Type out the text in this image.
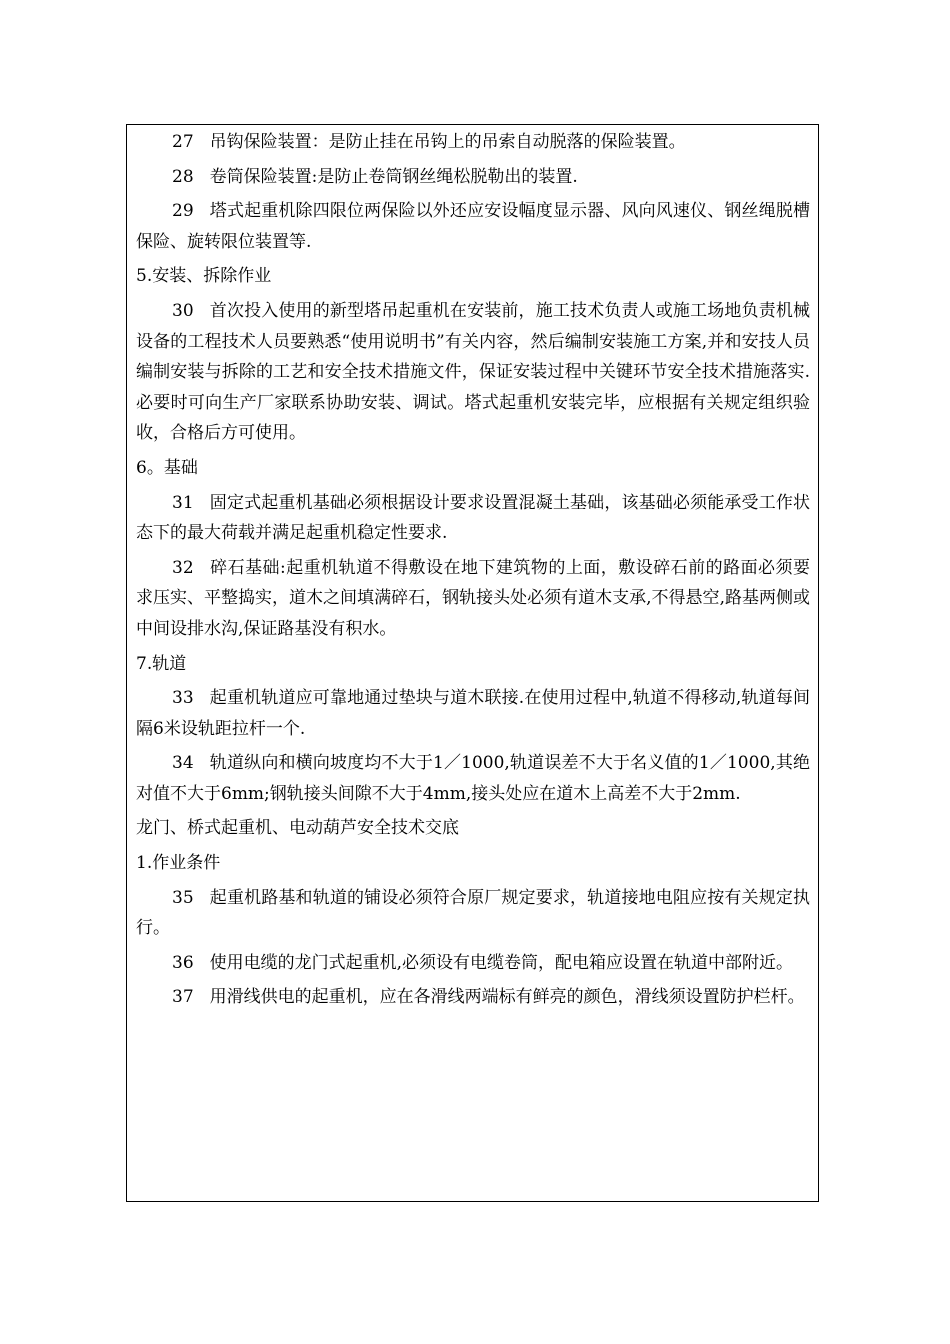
27 吊钩保险装置：是防止挂在吊钩上的吊索自动脱落的保险装置。

28 卷筒保险装置:是防止卷筒钢丝绳松脱勒出的装置.

29 塔式起重机除四限位两保险以外还应安设幅度显示器、风向风速仪、钢丝绳脱槽保险、旋转限位装置等.

5.安装、拆除作业

30 首次投入使用的新型塔吊起重机在安装前，施工技术负责人或施工场地负责机械设备的工程技术人员要熟悉“使用说明书”有关内容，然后编制安装施工方案,并和安技人员编制安装与拆除的工艺和安全技术措施文件，保证安装过程中关键环节安全技术措施落实.必要时可向生产厂家联系协助安装、调试。塔式起重机安装完毕，应根据有关规定组织验收，合格后方可使用。

6。基础

31 固定式起重机基础必须根据设计要求设置混凝土基础，该基础必须能承受工作状态下的最大荷载并满足起重机稳定性要求.

32 碎石基础:起重机轨道不得敷设在地下建筑物的上面，敷设碎石前的路面必须要求压实、平整捣实，道木之间填满碎石，钢轨接头处必须有道木支承,不得悬空,路基两侧或中间设排水沟,保证路基没有积水。

7.轨道

33 起重机轨道应可靠地通过垫块与道木联接.在使用过程中,轨道不得移动,轨道每间隔6米设轨距拉杆一个.

34 轨道纵向和横向坡度均不大于1／1000,轨道误差不大于名义值的1／1000,其绝对值不大于6mm;钢轨接头间隙不大于4mm,接头处应在道木上高差不大于2mm.

龙门、桥式起重机、电动葫芦安全技术交底

1.作业条件

35 起重机路基和轨道的铺设必须符合原厂规定要求，轨道接地电阻应按有关规定执行。

36 使用电缆的龙门式起重机,必须设有电缆卷筒，配电箱应设置在轨道中部附近。

37 用滑线供电的起重机，应在各滑线两端标有鲜亮的颜色，滑线须设置防护栏杆。
